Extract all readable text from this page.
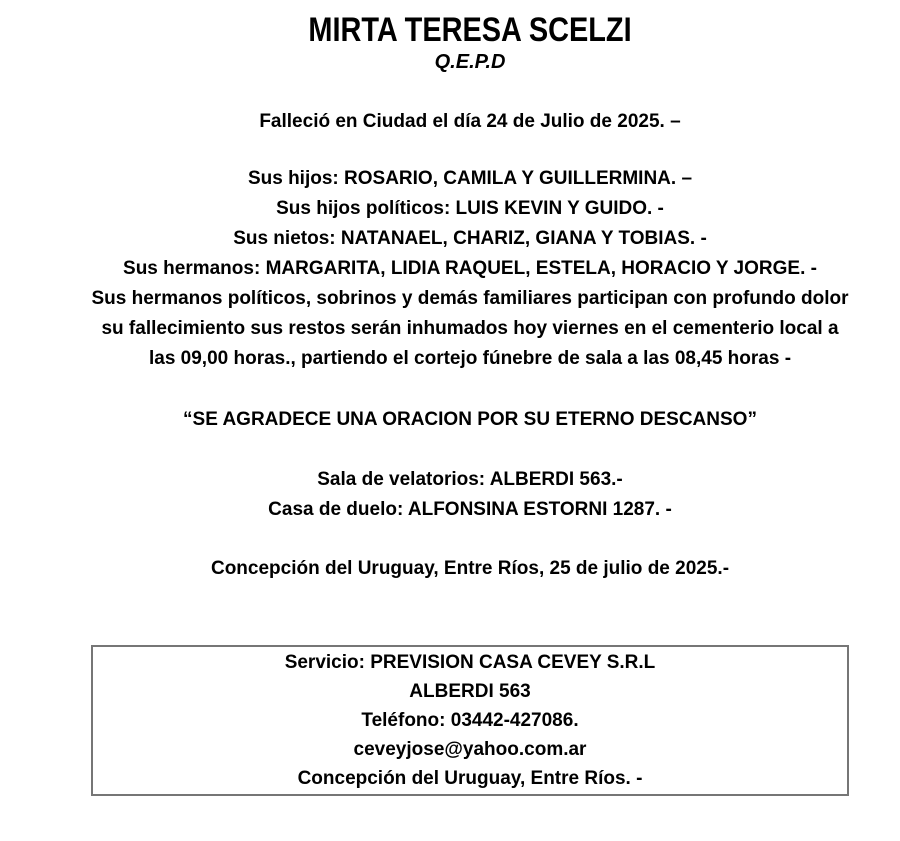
MIRTA TERESA SCELZI

Q.E.P.D

Falleció en Ciudad el día 24 de Julio de 2025. –

Sus hijos: ROSARIO, CAMILA Y GUILLERMINA. –

Sus hijos políticos: LUIS KEVIN Y GUIDO. -

Sus nietos: NATANAEL, CHARIZ, GIANA Y TOBIAS. -

Sus hermanos: MARGARITA, LIDIA RAQUEL, ESTELA, HORACIO Y JORGE. -

Sus hermanos políticos, sobrinos y demás familiares participan con profundo dolor su fallecimiento sus restos serán inhumados hoy viernes en el cementerio local a las 09,00 horas., partiendo el cortejo fúnebre de sala a las 08,45 horas -

“SE AGRADECE UNA ORACION POR SU ETERNO DESCANSO”

Sala de velatorios: ALBERDI 563.-

Casa de duelo: ALFONSINA ESTORNI 1287. -

Concepción del Uruguay, Entre Ríos, 25 de julio de 2025.-

Servicio: PREVISION CASA CEVEY S.R.L

ALBERDI 563

Teléfono: 03442-427086.

ceveyjose@yahoo.com.ar

Concepción del Uruguay, Entre Ríos. -
